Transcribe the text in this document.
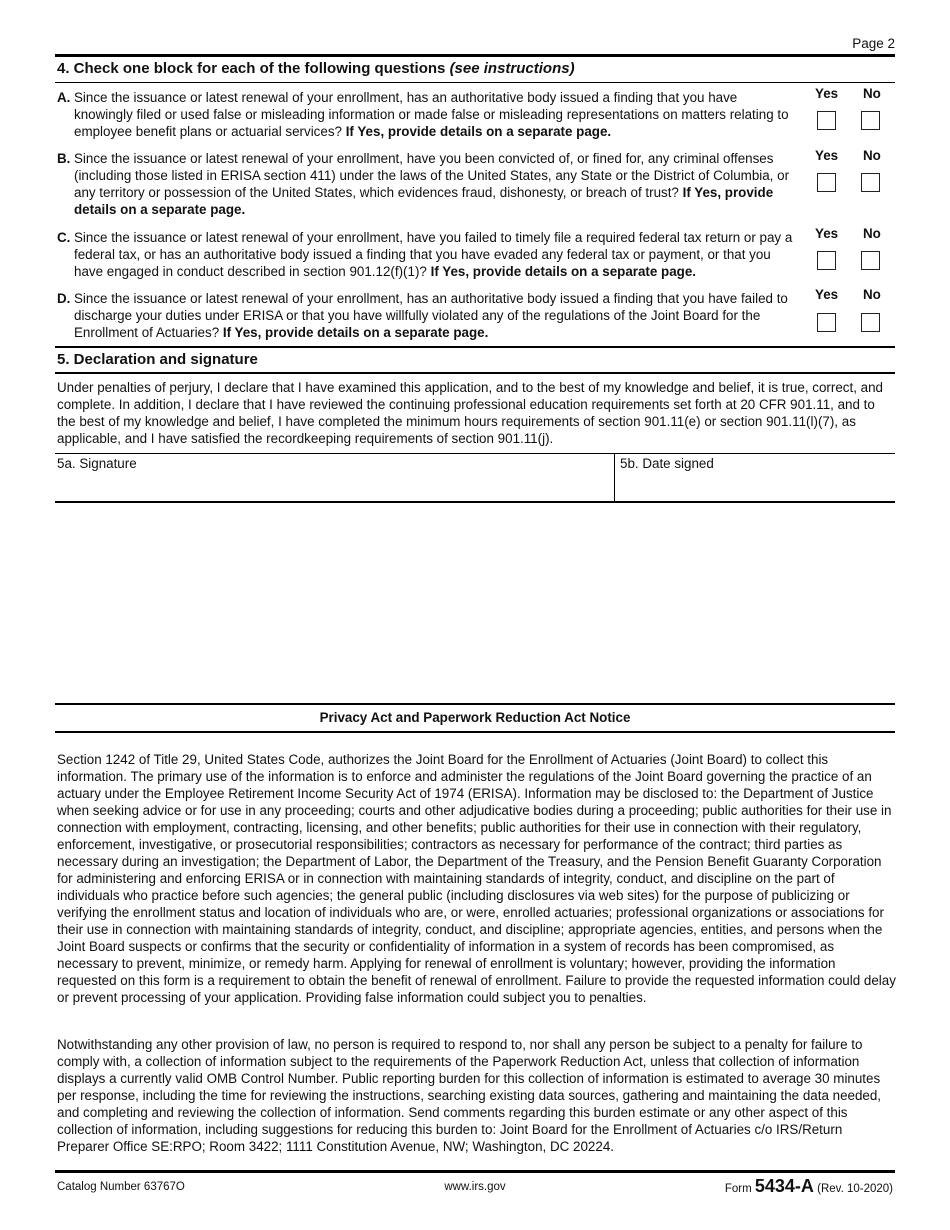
Page 2
4. Check one block for each of the following questions (see instructions)
A. Since the issuance or latest renewal of your enrollment, has an authoritative body issued a finding that you have knowingly filed or used false or misleading information or made false or misleading representations on matters relating to employee benefit plans or actuarial services? If Yes, provide details on a separate page.
Yes No
B. Since the issuance or latest renewal of your enrollment, have you been convicted of, or fined for, any criminal offenses (including those listed in ERISA section 411) under the laws of the United States, any State or the District of Columbia, or any territory or possession of the United States, which evidences fraud, dishonesty, or breach of trust? If Yes, provide details on a separate page.
Yes No
C. Since the issuance or latest renewal of your enrollment, have you failed to timely file a required federal tax return or pay a federal tax, or has an authoritative body issued a finding that you have evaded any federal tax or payment, or that you have engaged in conduct described in section 901.12(f)(1)? If Yes, provide details on a separate page.
Yes No
D. Since the issuance or latest renewal of your enrollment, has an authoritative body issued a finding that you have failed to discharge your duties under ERISA or that you have willfully violated any of the regulations of the Joint Board for the Enrollment of Actuaries? If Yes, provide details on a separate page.
Yes No
5. Declaration and signature
Under penalties of perjury, I declare that I have examined this application, and to the best of my knowledge and belief, it is true, correct, and complete. In addition, I declare that I have reviewed the continuing professional education requirements set forth at 20 CFR 901.11, and to the best of my knowledge and belief, I have completed the minimum hours requirements of section 901.11(e) or section 901.11(l)(7), as applicable, and I have satisfied the recordkeeping requirements of section 901.11(j).
5a. Signature	5b. Date signed
Privacy Act and Paperwork Reduction Act Notice
Section 1242 of Title 29, United States Code, authorizes the Joint Board for the Enrollment of Actuaries (Joint Board) to collect this information. The primary use of the information is to enforce and administer the regulations of the Joint Board governing the practice of an actuary under the Employee Retirement Income Security Act of 1974 (ERISA). Information may be disclosed to: the Department of Justice when seeking advice or for use in any proceeding; courts and other adjudicative bodies during a proceeding; public authorities for their use in connection with employment, contracting, licensing, and other benefits; public authorities for their use in connection with their regulatory, enforcement, investigative, or prosecutorial responsibilities; contractors as necessary for performance of the contract; third parties as necessary during an investigation; the Department of Labor, the Department of the Treasury, and the Pension Benefit Guaranty Corporation for administering and enforcing ERISA or in connection with maintaining standards of integrity, conduct, and discipline on the part of individuals who practice before such agencies; the general public (including disclosures via web sites) for the purpose of publicizing or verifying the enrollment status and location of individuals who are, or were, enrolled actuaries; professional organizations or associations for their use in connection with maintaining standards of integrity, conduct, and discipline; appropriate agencies, entities, and persons when the Joint Board suspects or confirms that the security or confidentiality of information in a system of records has been compromised, as necessary to prevent, minimize, or remedy harm. Applying for renewal of enrollment is voluntary; however, providing the information requested on this form is a requirement to obtain the benefit of renewal of enrollment. Failure to provide the requested information could delay or prevent processing of your application. Providing false information could subject you to penalties.
Notwithstanding any other provision of law, no person is required to respond to, nor shall any person be subject to a penalty for failure to comply with, a collection of information subject to the requirements of the Paperwork Reduction Act, unless that collection of information displays a currently valid OMB Control Number. Public reporting burden for this collection of information is estimated to average 30 minutes per response, including the time for reviewing the instructions, searching existing data sources, gathering and maintaining the data needed, and completing and reviewing the collection of information. Send comments regarding this burden estimate or any other aspect of this collection of information, including suggestions for reducing this burden to: Joint Board for the Enrollment of Actuaries c/o IRS/Return Preparer Office SE:RPO; Room 3422; 1111 Constitution Avenue, NW; Washington, DC 20224.
Catalog Number 63767O	www.irs.gov	Form 5434-A (Rev. 10-2020)
